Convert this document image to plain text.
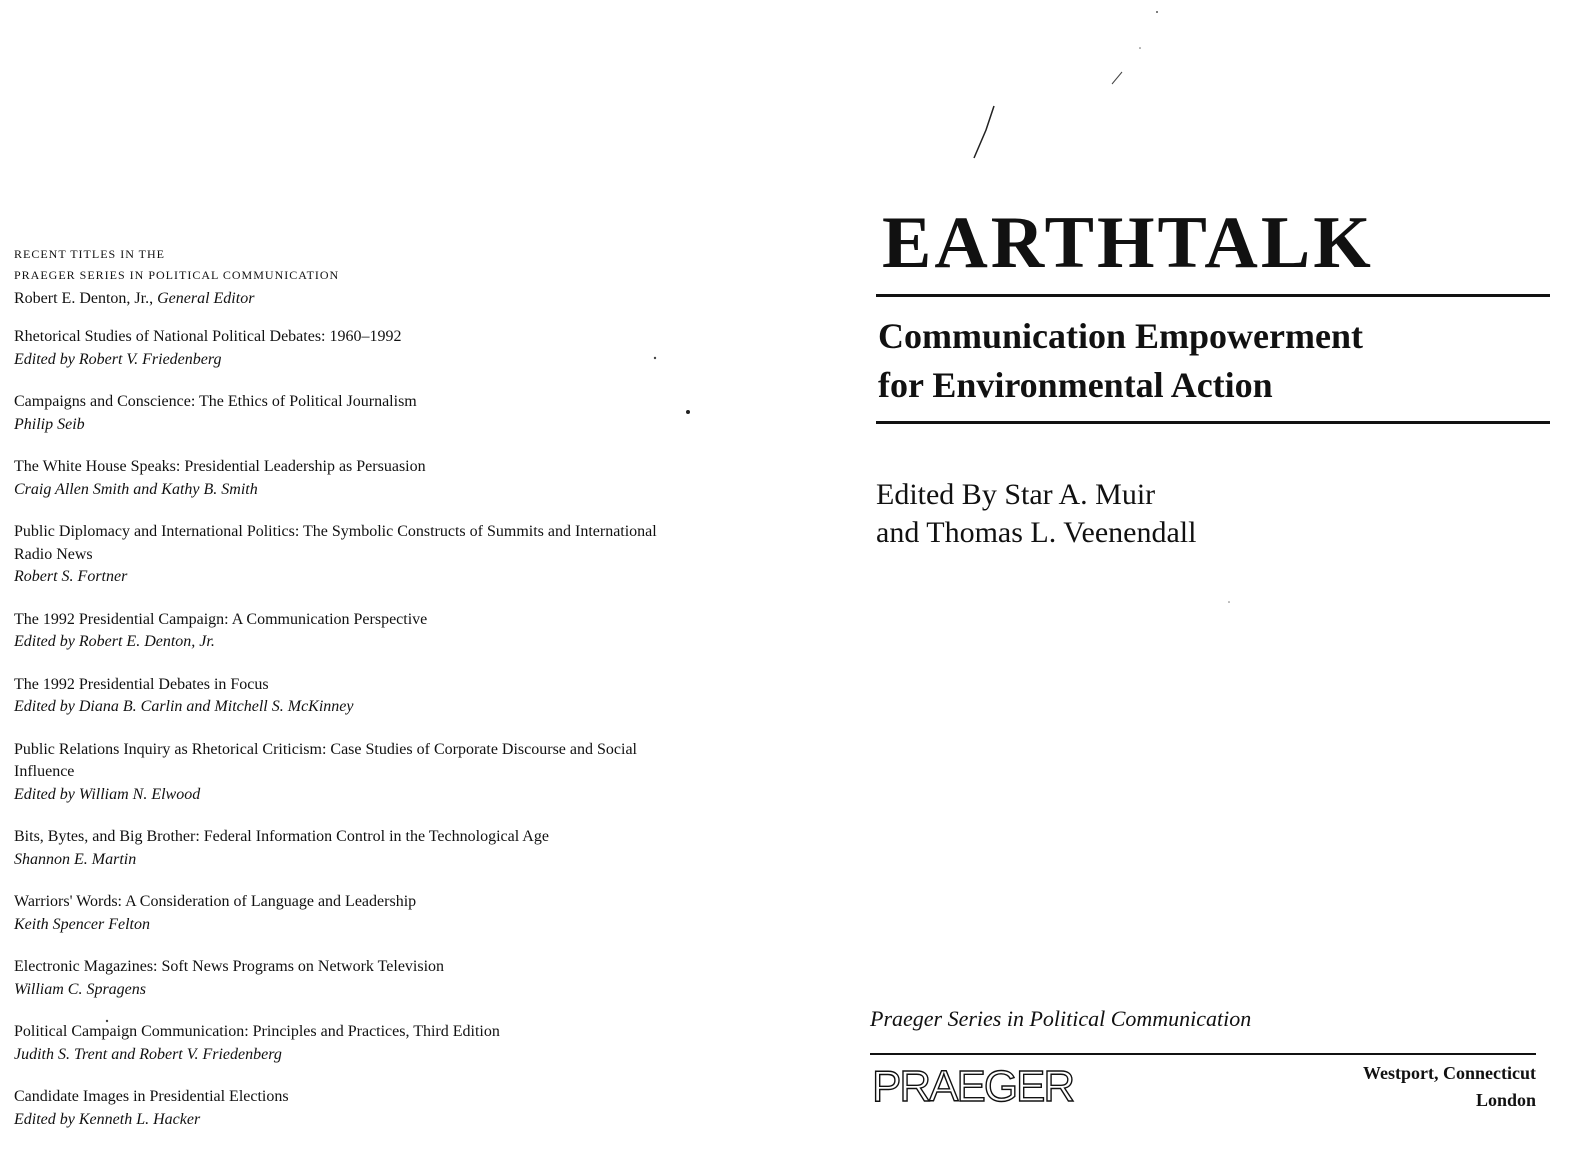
RECENT TITLES IN THE
PRAEGER SERIES IN POLITICAL COMMUNICATION

Robert E. Denton, Jr., General Editor

Rhetorical Studies of National Political Debates: 1960–1992
Edited by Robert V. Friedenberg
Campaigns and Conscience: The Ethics of Political Journalism
Philip Seib
The White House Speaks: Presidential Leadership as Persuasion
Craig Allen Smith and Kathy B. Smith
Public Diplomacy and International Politics: The Symbolic Constructs of Summits and International Radio News
Robert S. Fortner
The 1992 Presidential Campaign: A Communication Perspective
Edited by Robert E. Denton, Jr.
The 1992 Presidential Debates in Focus
Edited by Diana B. Carlin and Mitchell S. McKinney
Public Relations Inquiry as Rhetorical Criticism: Case Studies of Corporate Discourse and Social Influence
Edited by William N. Elwood
Bits, Bytes, and Big Brother: Federal Information Control in the Technological Age
Shannon E. Martin
Warriors' Words: A Consideration of Language and Leadership
Keith Spencer Felton
Electronic Magazines: Soft News Programs on Network Television
William C. Spragens
Political Campaign Communication: Principles and Practices, Third Edition
Judith S. Trent and Robert V. Friedenberg
Candidate Images in Presidential Elections
Edited by Kenneth L. Hacker
EARTHTALK
Communication Empowerment
for Environmental Action

Edited By Star A. Muir
and Thomas L. Veenendall

Praeger Series in Political Communication

PRAEGER	Westport, Connecticut
London
